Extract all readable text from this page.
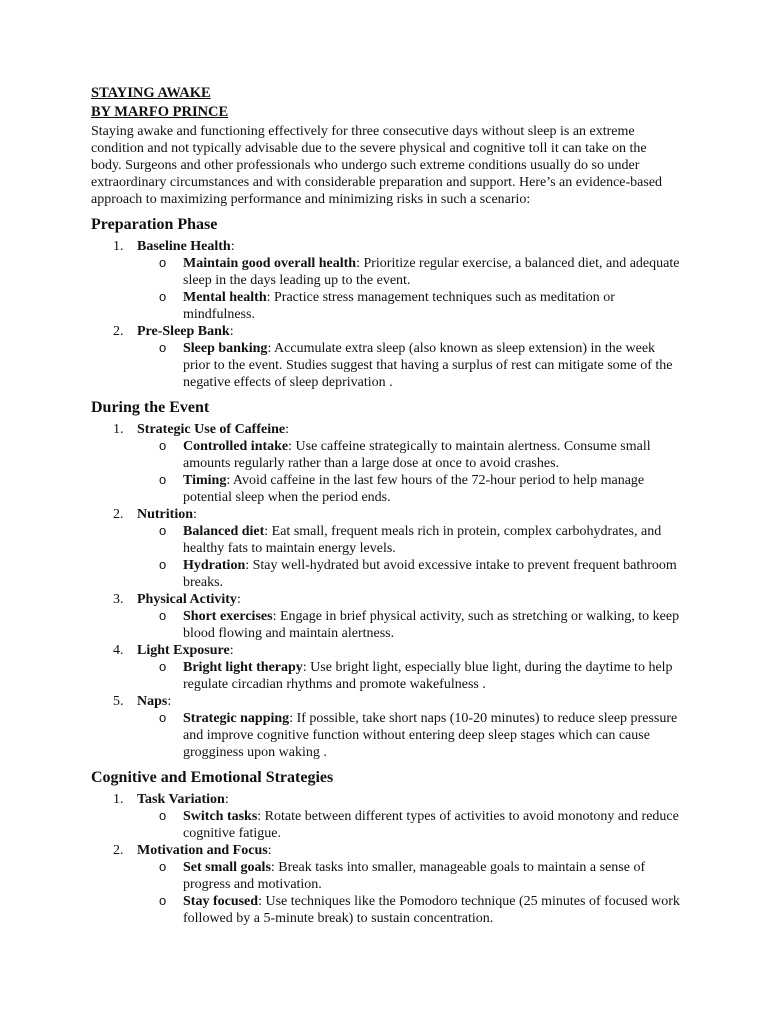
STAYING AWAKE
BY MARFO PRINCE

Staying awake and functioning effectively for three consecutive days without sleep is an extreme condition and not typically advisable due to the severe physical and cognitive toll it can take on the body. Surgeons and other professionals who undergo such extreme conditions usually do so under extraordinary circumstances and with considerable preparation and support. Here’s an evidence-based approach to maximizing performance and minimizing risks in such a scenario:

Preparation Phase
1. Baseline Health:
o Maintain good overall health: Prioritize regular exercise, a balanced diet, and adequate sleep in the days leading up to the event.
o Mental health: Practice stress management techniques such as meditation or mindfulness.
2. Pre-Sleep Bank:
o Sleep banking: Accumulate extra sleep (also known as sleep extension) in the week prior to the event. Studies suggest that having a surplus of rest can mitigate some of the negative effects of sleep deprivation .
During the Event
1. Strategic Use of Caffeine:
o Controlled intake: Use caffeine strategically to maintain alertness. Consume small amounts regularly rather than a large dose at once to avoid crashes.
o Timing: Avoid caffeine in the last few hours of the 72-hour period to help manage potential sleep when the period ends.
2. Nutrition:
o Balanced diet: Eat small, frequent meals rich in protein, complex carbohydrates, and healthy fats to maintain energy levels.
o Hydration: Stay well-hydrated but avoid excessive intake to prevent frequent bathroom breaks.
3. Physical Activity:
o Short exercises: Engage in brief physical activity, such as stretching or walking, to keep blood flowing and maintain alertness.
4. Light Exposure:
o Bright light therapy: Use bright light, especially blue light, during the daytime to help regulate circadian rhythms and promote wakefulness .
5. Naps:
o Strategic napping: If possible, take short naps (10-20 minutes) to reduce sleep pressure and improve cognitive function without entering deep sleep stages which can cause grogginess upon waking .
Cognitive and Emotional Strategies
1. Task Variation:
o Switch tasks: Rotate between different types of activities to avoid monotony and reduce cognitive fatigue.
2. Motivation and Focus:
o Set small goals: Break tasks into smaller, manageable goals to maintain a sense of progress and motivation.
o Stay focused: Use techniques like the Pomodoro technique (25 minutes of focused work followed by a 5-minute break) to sustain concentration.
